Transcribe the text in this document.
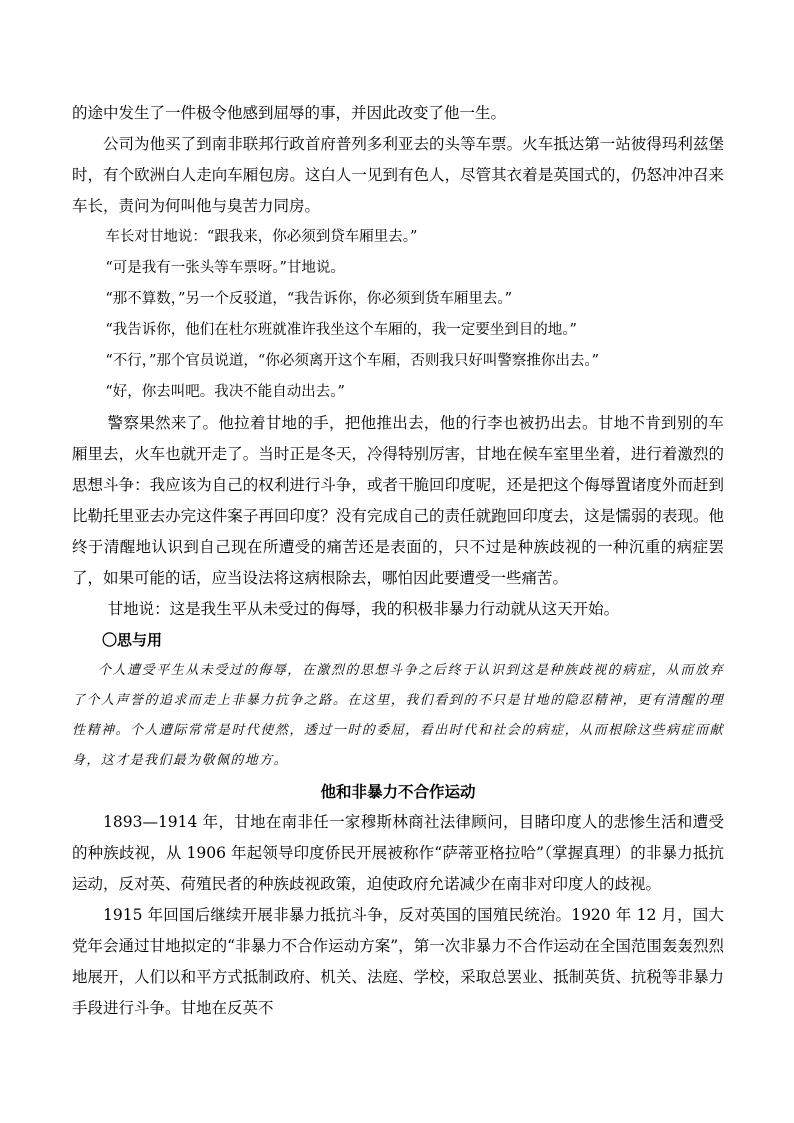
的途中发生了一件极令他感到屈辱的事，并因此改变了他一生。

公司为他买了到南非联邦行政首府普列多利亚去的头等车票。火车抵达第一站彼得玛利兹堡时，有个欧洲白人走向车厢包房。这白人一见到有色人，尽管其衣着是英国式的，仍怒冲冲召来车长，责问为何叫他与臭苦力同房。

车长对甘地说：“跟我来，你必须到贷车厢里去。”

“可是我有一张头等车票呀。”甘地说。

“那不算数，”另一个反驳道，“我告诉你，你必须到货车厢里去。”

“我告诉你，他们在杜尔班就准许我坐这个车厢的，我一定要坐到目的地。”

“不行，”那个官员说道，“你必须离开这个车厢，否则我只好叫警察推你出去。”

“好，你去叫吧。我决不能自动出去。”

警察果然来了。他拉着甘地的手，把他推出去，他的行李也被扔出去。甘地不肯到别的车厢里去，火车也就开走了。当时正是冬天，冷得特别厉害，甘地在候车室里坐着，进行着激烈的思想斗争：我应该为自己的权利进行斗争，或者干脆回印度呢，还是把这个侮辱置诸度外而赶到比勒托里亚去办完这件案子再回印度？没有完成自己的责任就跑回印度去，这是懦弱的表现。他终于清醒地认识到自己现在所遭受的痛苦还是表面的，只不过是种族歧视的一种沉重的病症罢了，如果可能的话，应当设法将这病根除去，哪怕因此要遭受一些痛苦。

甘地说：这是我生平从未受过的侮辱，我的积极非暴力行动就从这天开始。

〇思与用

个人遭受平生从未受过的侮辱，在激烈的思想斗争之后终于认识到这是种族歧视的病症，从而放弃了个人声誉的追求而走上非暴力抗争之路。在这里，我们看到的不只是甘地的隐忍精神，更有清醒的理性精神。个人遭际常常是时代使然，透过一时的委屈，看出时代和社会的病症，从而根除这些病症而献身，这才是我们最为敬佩的地方。

他和非暴力不合作运动

1893—1914 年，甘地在南非任一家穆斯林商社法律顾问，目睹印度人的悲惨生活和遭受的种族歧视，从 1906 年起领导印度侨民开展被称作“萨蒂亚格拉哈”（掌握真理）的非暴力抵抗运动，反对英、荷殖民者的种族歧视政策，迫使政府允诺减少在南非对印度人的歧视。

1915 年回国后继续开展非暴力抵抗斗争，反对英国的国殖民统治。1920 年 12 月，国大党年会通过甘地拟定的“非暴力不合作运动方案”，第一次非暴力不合作运动在全国范围轰轰烈烈地展开，人们以和平方式抵制政府、机关、法庭、学校，采取总罢业、抵制英货、抗税等非暴力手段进行斗争。甘地在反英不
